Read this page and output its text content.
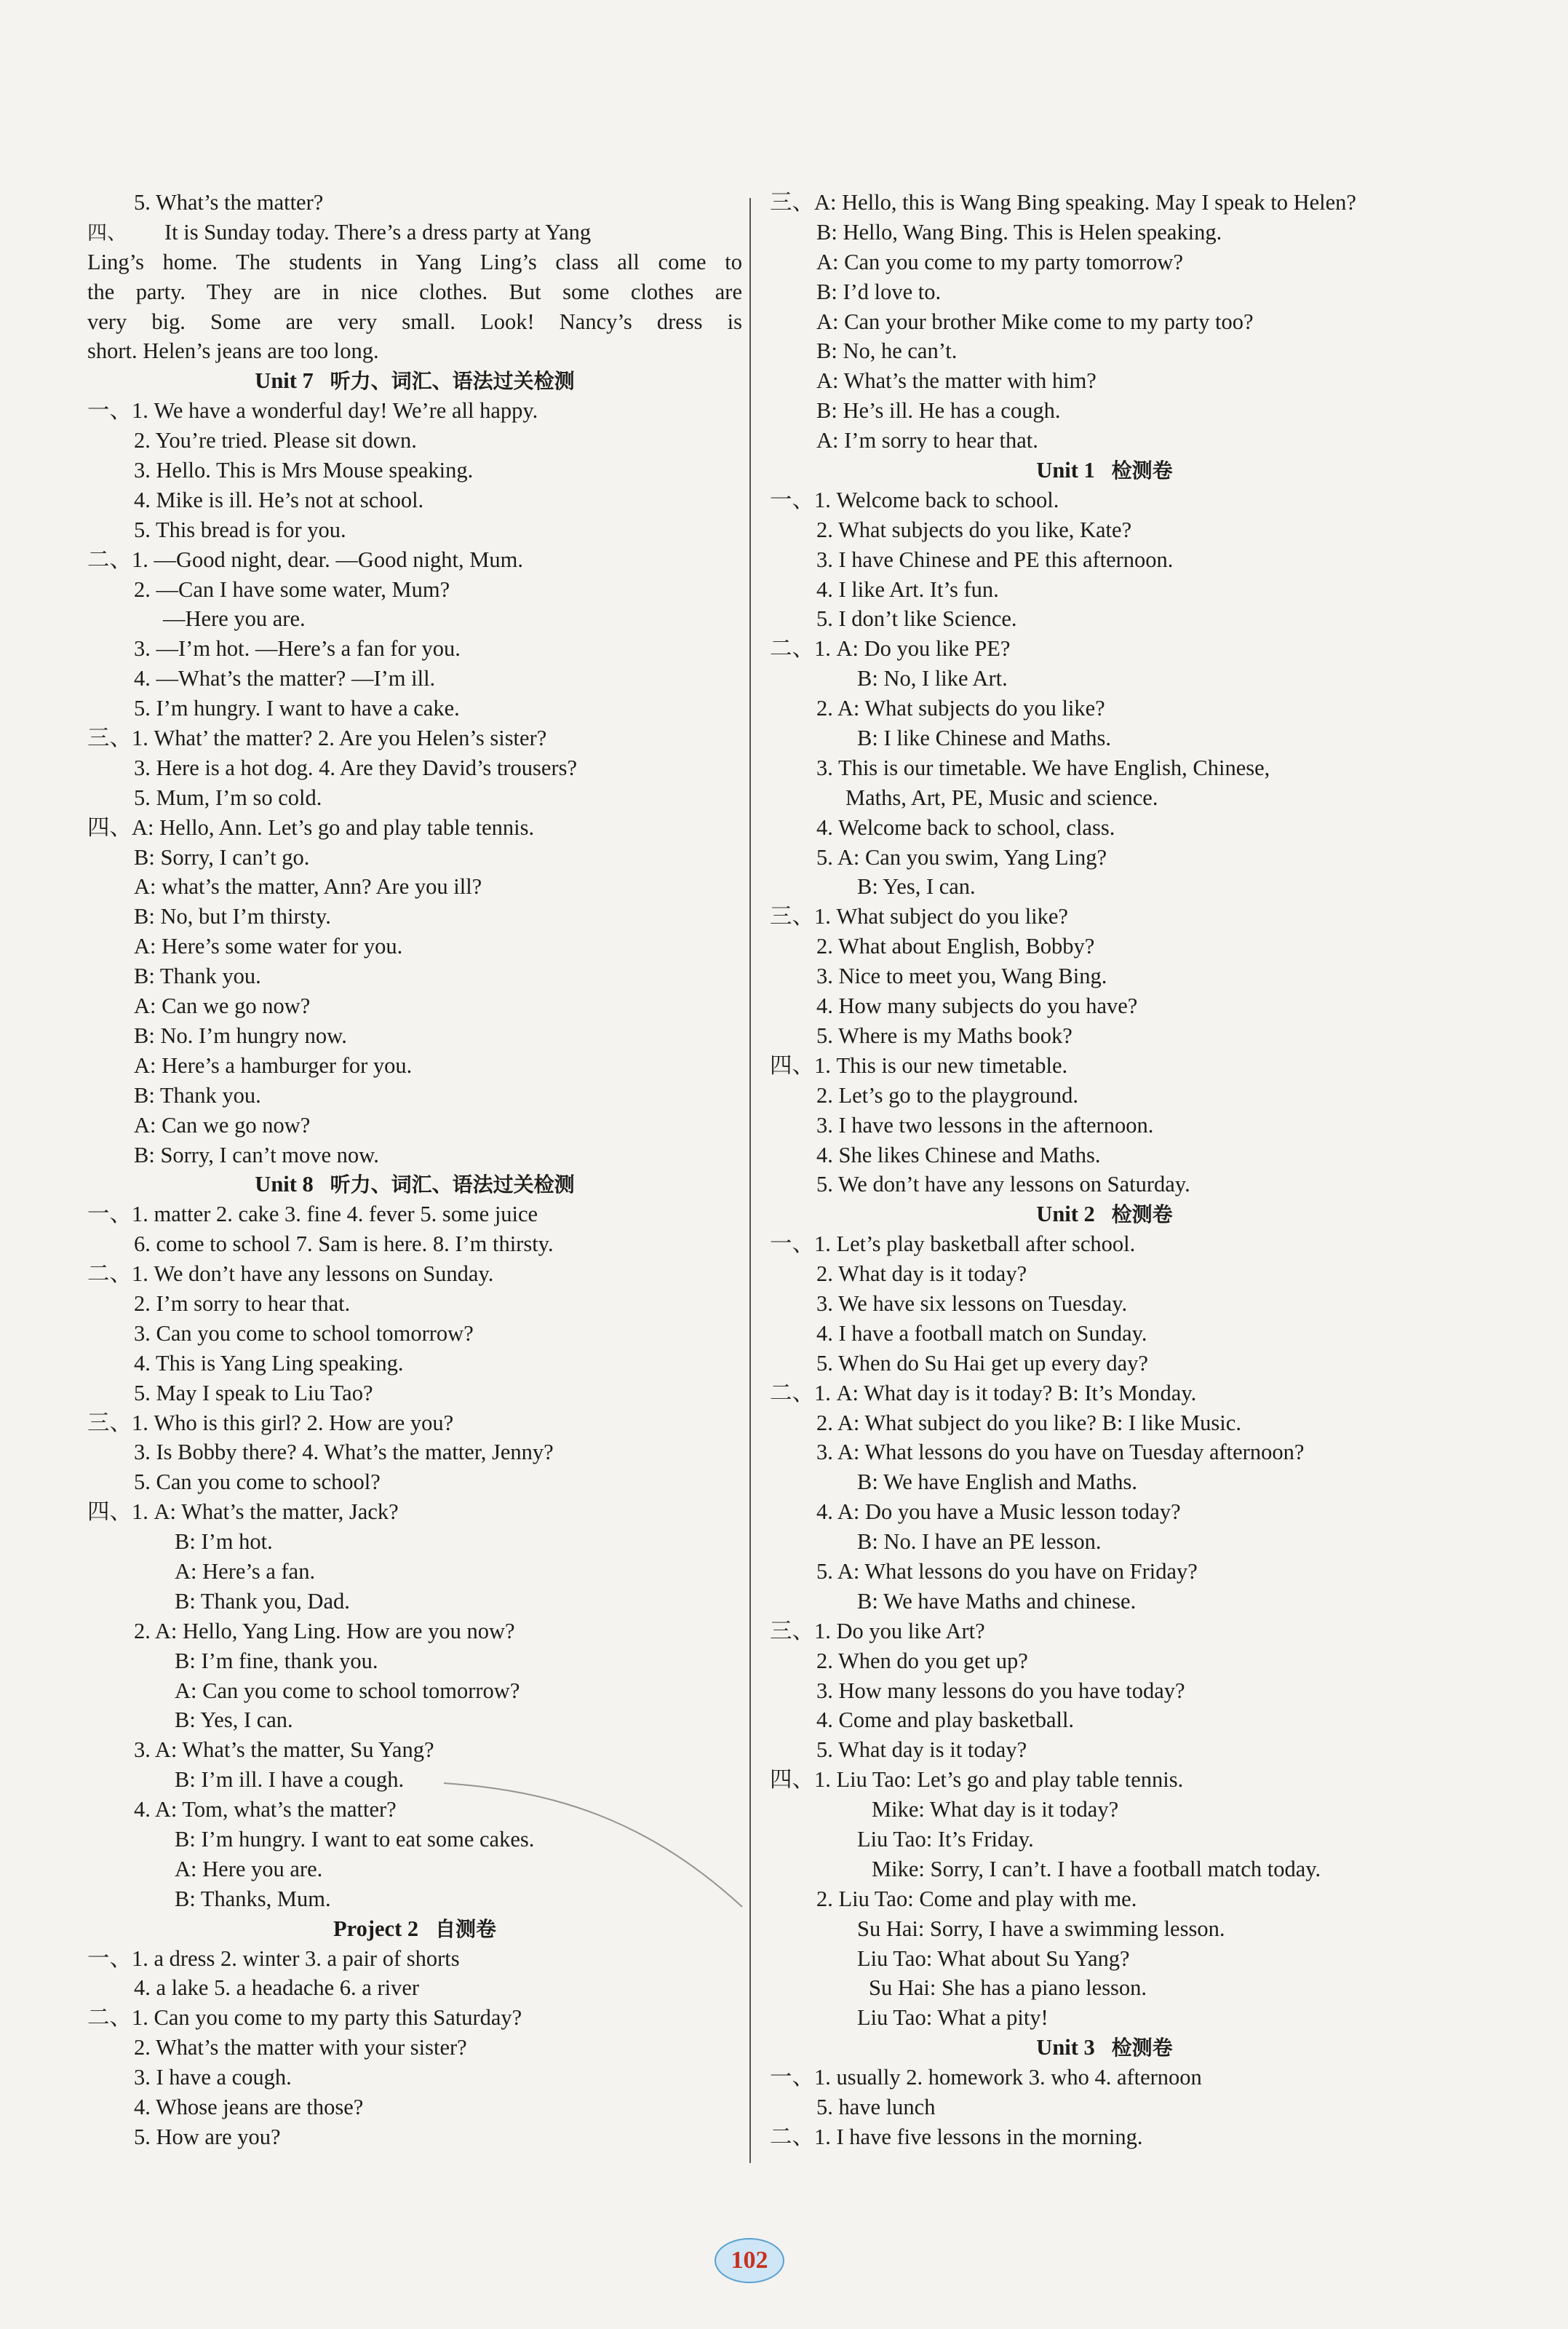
5. What’s the matter?
四、 It is Sunday today. There’s a dress party at Yang
Ling’s home. The students in Yang Ling’s class all come to
the party. They are in nice clothes. But some clothes are
very big. Some are very small. Look! Nancy’s dress is
short. Helen’s jeans are too long.
Unit 7 听力、词汇、语法过关检测
一、1. We have a wonderful day! We’re all happy.
2. You’re tried. Please sit down.
3. Hello. This is Mrs Mouse speaking.
4. Mike is ill. He’s not at school.
5. This bread is for you.
二、1. —Good night, dear. —Good night, Mum.
2. —Can I have some water, Mum?
—Here you are.
3. —I’m hot. —Here’s a fan for you.
4. —What’s the matter? —I’m ill.
5. I’m hungry. I want to have a cake.
三、1. What’ the matter? 2. Are you Helen’s sister?
3. Here is a hot dog. 4. Are they David’s trousers?
5. Mum, I’m so cold.
四、A: Hello, Ann. Let’s go and play table tennis.
B: Sorry, I can’t go.
A: what’s the matter, Ann? Are you ill?
B: No, but I’m thirsty.
A: Here’s some water for you.
B: Thank you.
A: Can we go now?
B: No. I’m hungry now.
A: Here’s a hamburger for you.
B: Thank you.
A: Can we go now?
B: Sorry, I can’t move now.
Unit 8 听力、词汇、语法过关检测
一、1. matter 2. cake 3. fine 4. fever 5. some juice
6. come to school 7. Sam is here. 8. I’m thirsty.
二、1. We don’t have any lessons on Sunday.
2. I’m sorry to hear that.
3. Can you come to school tomorrow?
4. This is Yang Ling speaking.
5. May I speak to Liu Tao?
三、1. Who is this girl? 2. How are you?
3. Is Bobby there? 4. What’s the matter, Jenny?
5. Can you come to school?
四、1. A: What’s the matter, Jack?
B: I’m hot.
A: Here’s a fan.
B: Thank you, Dad.
2. A: Hello, Yang Ling. How are you now?
B: I’m fine, thank you.
A: Can you come to school tomorrow?
B: Yes, I can.
3. A: What’s the matter, Su Yang?
B: I’m ill. I have a cough.
4. A: Tom, what’s the matter?
B: I’m hungry. I want to eat some cakes.
A: Here you are.
B: Thanks, Mum.
Project 2 自测卷
一、1. a dress 2. winter 3. a pair of shorts
4. a lake 5. a headache 6. a river
二、1. Can you come to my party this Saturday?
2. What’s the matter with your sister?
3. I have a cough.
4. Whose jeans are those?
5. How are you?
三、A: Hello, this is Wang Bing speaking. May I speak to Helen?
B: Hello, Wang Bing. This is Helen speaking.
A: Can you come to my party tomorrow?
B: I’d love to.
A: Can your brother Mike come to my party too?
B: No, he can’t.
A: What’s the matter with him?
B: He’s ill. He has a cough.
A: I’m sorry to hear that.
Unit 1 检测卷
一、1. Welcome back to school.
2. What subjects do you like, Kate?
3. I have Chinese and PE this afternoon.
4. I like Art. It’s fun.
5. I don’t like Science.
二、1. A: Do you like PE?
B: No, I like Art.
2. A: What subjects do you like?
B: I like Chinese and Maths.
3. This is our timetable. We have English, Chinese,
Maths, Art, PE, Music and science.
4. Welcome back to school, class.
5. A: Can you swim, Yang Ling?
B: Yes, I can.
三、1. What subject do you like?
2. What about English, Bobby?
3. Nice to meet you, Wang Bing.
4. How many subjects do you have?
5. Where is my Maths book?
四、1. This is our new timetable.
2. Let’s go to the playground.
3. I have two lessons in the afternoon.
4. She likes Chinese and Maths.
5. We don’t have any lessons on Saturday.
Unit 2 检测卷
一、1. Let’s play basketball after school.
2. What day is it today?
3. We have six lessons on Tuesday.
4. I have a football match on Sunday.
5. When do Su Hai get up every day?
二、1. A: What day is it today? B: It’s Monday.
2. A: What subject do you like? B: I like Music.
3. A: What lessons do you have on Tuesday afternoon?
B: We have English and Maths.
4. A: Do you have a Music lesson today?
B: No. I have an PE lesson.
5. A: What lessons do you have on Friday?
B: We have Maths and chinese.
三、1. Do you like Art?
2. When do you get up?
3. How many lessons do you have today?
4. Come and play basketball.
5. What day is it today?
四、1. Liu Tao: Let’s go and play table tennis.
Mike: What day is it today?
Liu Tao: It’s Friday.
Mike: Sorry, I can’t. I have a football match today.
2. Liu Tao: Come and play with me.
Su Hai: Sorry, I have a swimming lesson.
Liu Tao: What about Su Yang?
Su Hai: She has a piano lesson.
Liu Tao: What a pity!
Unit 3 检测卷
一、1. usually 2. homework 3. who 4. afternoon
5. have lunch
二、1. I have five lessons in the morning.
102
